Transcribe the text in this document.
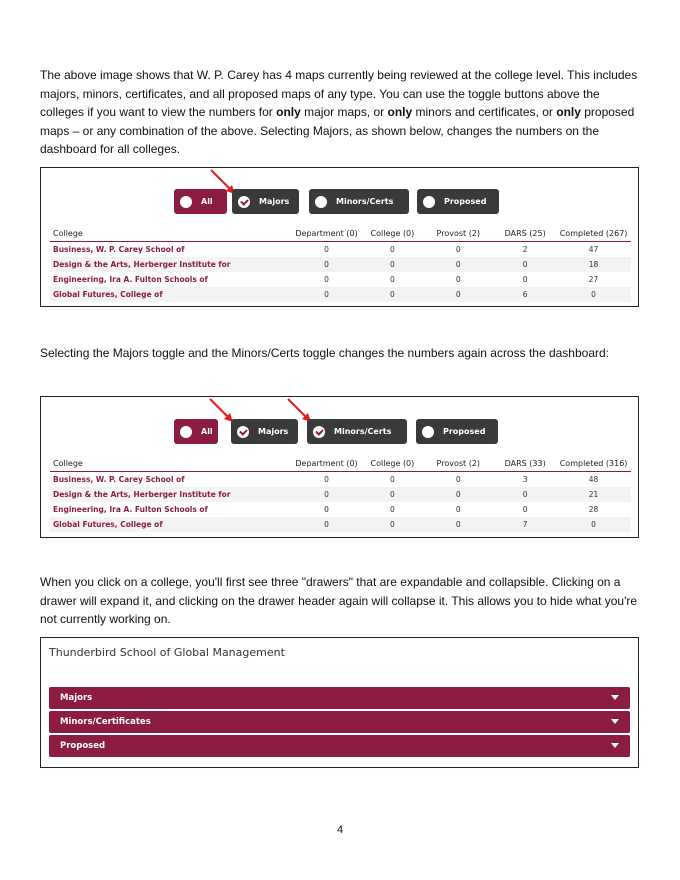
The above image shows that W. P. Carey has 4 maps currently being reviewed at the college level. This includes majors, minors, certificates, and all proposed maps of any type. You can use the toggle buttons above the colleges if you want to view the numbers for only major maps, or only minors and certificates, or only proposed maps – or any combination of the above. Selecting Majors, as shown below, changes the numbers on the dashboard for all colleges.

All	Majors	Minors/Certs	Proposed
College	Department (0)	College (0)	Provost (2)	DARS (25)	Completed (267)
Business, W. P. Carey School of	0	0	0	2	47
Design & the Arts, Herberger Institute for	0	0	0	0	18
Engineering, Ira A. Fulton Schools of	0	0	0	0	27
Global Futures, College of	0	0	0	6	0

Selecting the Majors toggle and the Minors/Certs toggle changes the numbers again across the dashboard:

All	Majors	Minors/Certs	Proposed
College	Department (0)	College (0)	Provost (2)	DARS (33)	Completed (316)
Business, W. P. Carey School of	0	0	0	3	48
Design & the Arts, Herberger Institute for	0	0	0	0	21
Engineering, Ira A. Fulton Schools of	0	0	0	0	28
Global Futures, College of	0	0	0	7	0

When you click on a college, you'll first see three "drawers" that are expandable and collapsible. Clicking on a drawer will expand it, and clicking on the drawer header again will collapse it. This allows you to hide what you're not currently working on.

Thunderbird School of Global Management
Majors
Minors/Certificates
Proposed
4
